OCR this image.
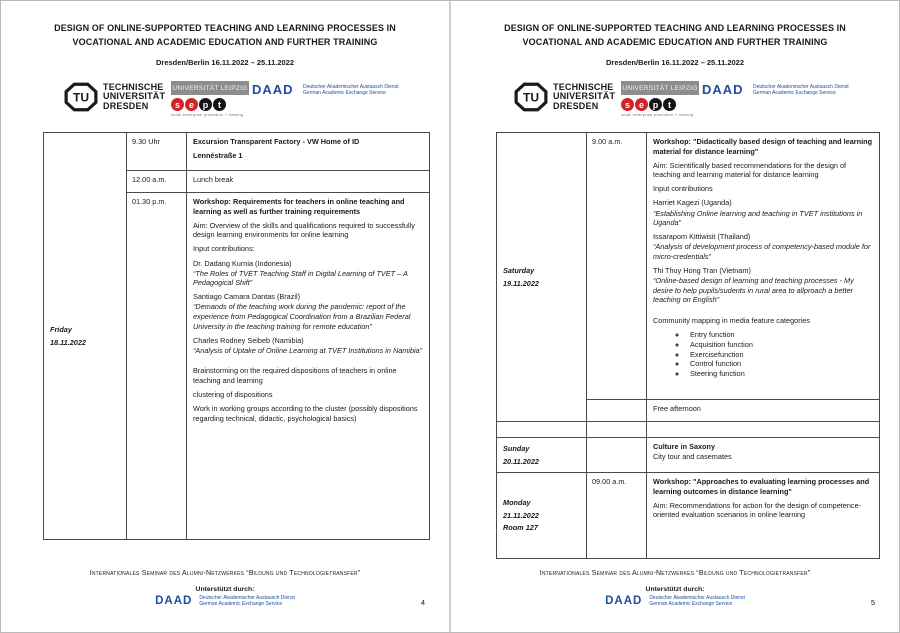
DESIGN OF ONLINE-SUPPORTED TEACHING AND LEARNING PROCESSES IN
VOCATIONAL AND ACADEMIC EDUCATION AND FURTHER TRAINING
Dresden/Berlin 16.11.2022 – 25.11.2022
TU
TECHNISCHE
UNIVERSITÄT
DRESDEN
UNIVERSITÄT LEIPZIG
s e p	t
small enterprise promotion + training
DAAD Deutscher Akademischer Austausch Dienst
German Academic Exchange Service
Friday
18.11.2022
	9.30 Uhr	Excursion Transparent Factory - VW Home of ID

Lennéstraße 1

	12.00 a.m.	Lunch break

01.30 p.m.	Workshop: Requirements for teachers in online teaching and learning as well as further training requirements

Aim: Overview of the skills and qualifications required to successfully design learning environments for online learning

Input contributions:

Dr. Dadang Kurnia (Indonesia)

“The Roles of TVET Teaching Staff in Digital Learning of TVET – A Pedagogical Shift”

Santiago Camara Dantas (Brazil)

“Demands of the teaching work during the pandemic: report of the experience from Pedagogical Coordination from a Brazilian Federal University in the teaching training for remote education”

Charles Rodney Seibeb (Namibia)

“Analysis of Uptake of Online Learning at TVET Institutions in Namibia”

Brainstorming on the required dispositions of teachers in online teaching and learning

clustering of dispositions

Work in working groups according to the cluster (possibly dispositions regarding technical, didactic, psychological basics)

Internationales Seminar des Alumni-Netzwerkes “Bildung und Technologietransfer”
Unterstützt durch:
DAAD Deutscher Akademischer Austausch Dienst
German Academic Exchange Service	4
DESIGN OF ONLINE-SUPPORTED TEACHING AND LEARNING PROCESSES IN
VOCATIONAL AND ACADEMIC EDUCATION AND FURTHER TRAINING
Dresden/Berlin 16.11.2022 – 25.11.2022
TU
TECHNISCHE
UNIVERSITÄT
DRESDEN
UNIVERSITÄT LEIPZIG
s e p	t
small enterprise promotion + training
DAAD Deutscher Akademischer Austausch Dienst
German Academic Exchange Service
Saturday
19.11.2022
	9.00 a.m.	Workshop: "Didactically based design of teaching and learning material for distance learning"

Aim: Scientifically based recommendations for the design of teaching and learning material for distance learning

Input contributions

Harriet Kagezi (Uganda)

“Establishing Online learning and teaching in TVET institutions in Uganda”

Issarapom Kittiwisit (Thailand)

“Analysis of development process of competency-based module for micro-credentials”

Thi Thuy Hong Tran (Vietnam)

“Online-based design of learning and teaching processes - My desire to help pupils/sudents in rural area to allproach a better teaching on English”

Community mapping in media feature categories

◦ Entry function
◦ Acquisition function
◦ Exercisefunction
◦ Control function
◦ Steering function

		Free afternoon

Sunday
20.11.2022

Culture in Saxony

City tour and casemates

Monday
21.11.2022
Room 127
	09.00 a.m.	Workshop: "Approaches to evaluating learning processes and learning outcomes in distance learning"

Aim: Recommendations for action for the design of competence-oriented evaluation scenarios in online learning

Internationales Seminar des Alumni-Netzwerkes “Bildung und Technologietransfer”
Unterstützt durch:
DAAD Deutscher Akademischer Austausch Dienst
German Academic Exchange Service	5
